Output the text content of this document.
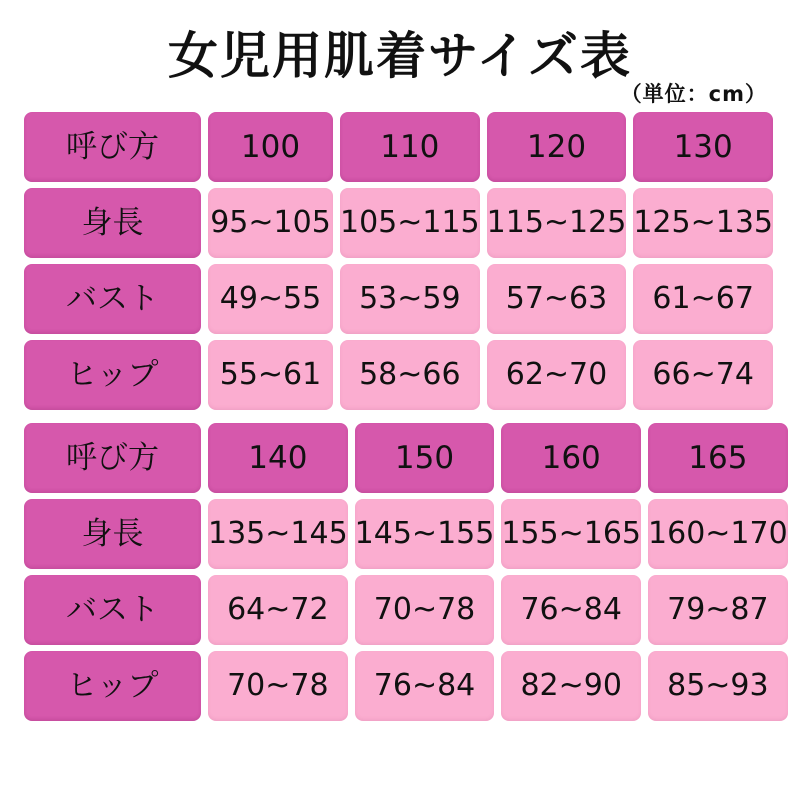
女児用肌着サイズ表
（単位：cm）
呼び方	100	110	120	130
身長	95~105 105~115 115~125 125~135
バスト	49~55	53~59	57~63	61~67
ヒップ	55~61	58~66	62~70	66~74
呼び方	140	150	160	165
身長	135~145 145~155 155~165 160~170
バスト	64~72	70~78	76~84	79~87
ヒップ	70~78	76~84	82~90	85~93
